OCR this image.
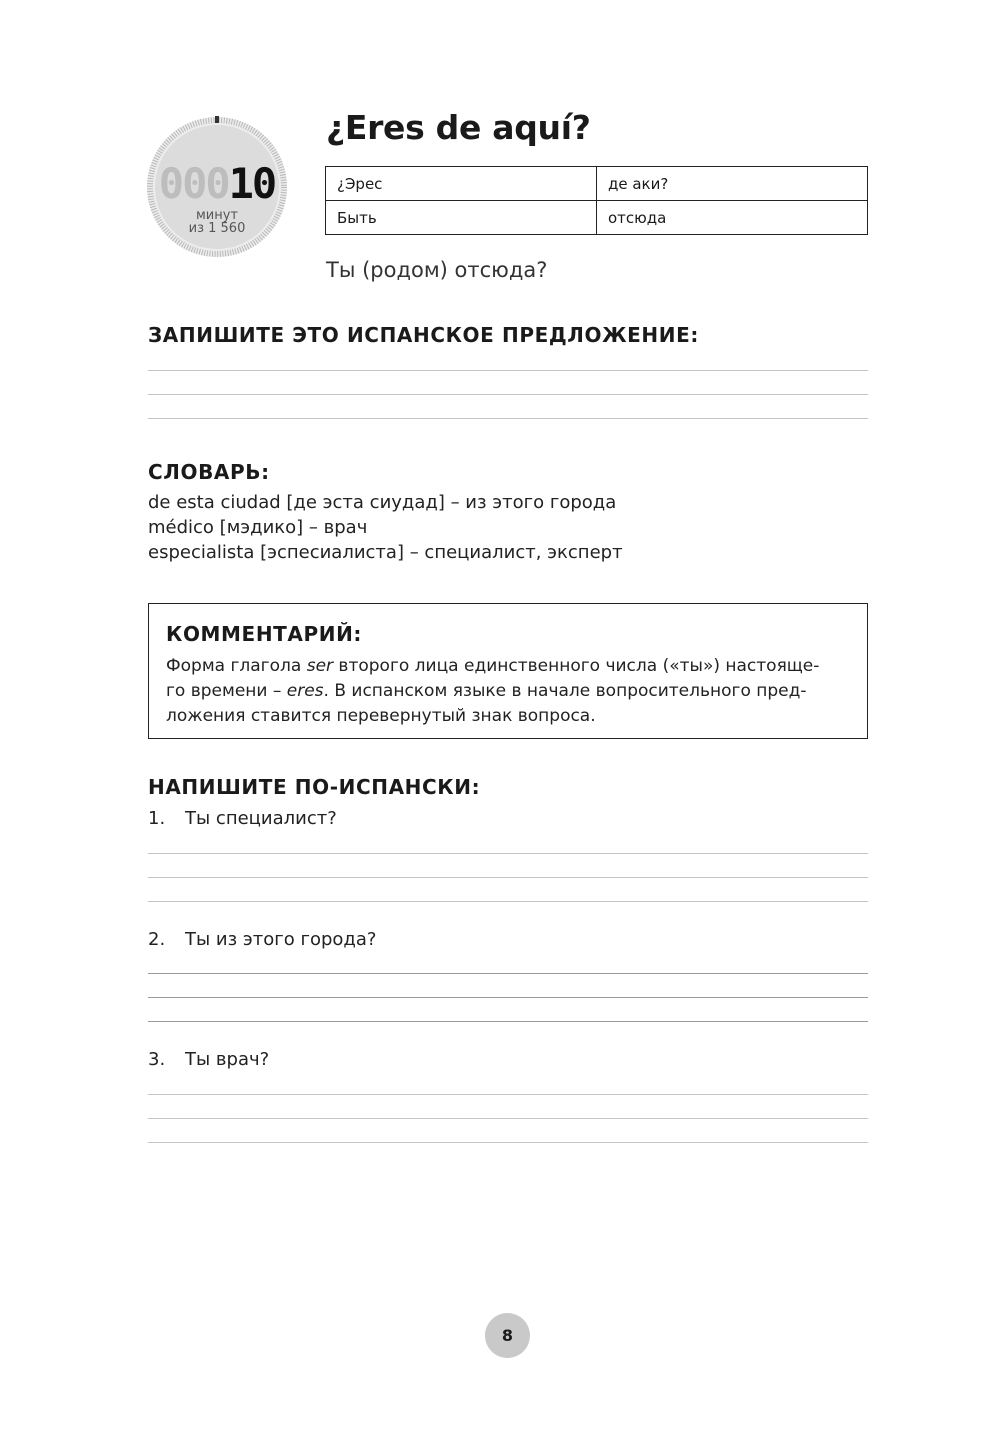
00010
минут
из 1 560
¿Eres de aquí?
¿Эрес	де аки?
Быть	отсюда
Ты (родом) отсюда?
ЗАПИШИТЕ ЭТО ИСПАНСКОЕ ПРЕДЛОЖЕНИЕ:
СЛОВАРЬ:
de esta ciudad [де эста сиудад] – из этого города
médico [мэдико] – врач
especialista [эспесиалиста] – специалист, эксперт
КОММЕНТАРИЙ:
Форма глагола ser второго лица единственного числа («ты») настояще-
го времени – eres. В испанском языке в начале вопросительного пред-
ложения ставится перевернутый знак вопроса.
НАПИШИТЕ ПО-ИСПАНСКИ:
1. Ты специалист?
2. Ты из этого города?
3. Ты врач?
8
